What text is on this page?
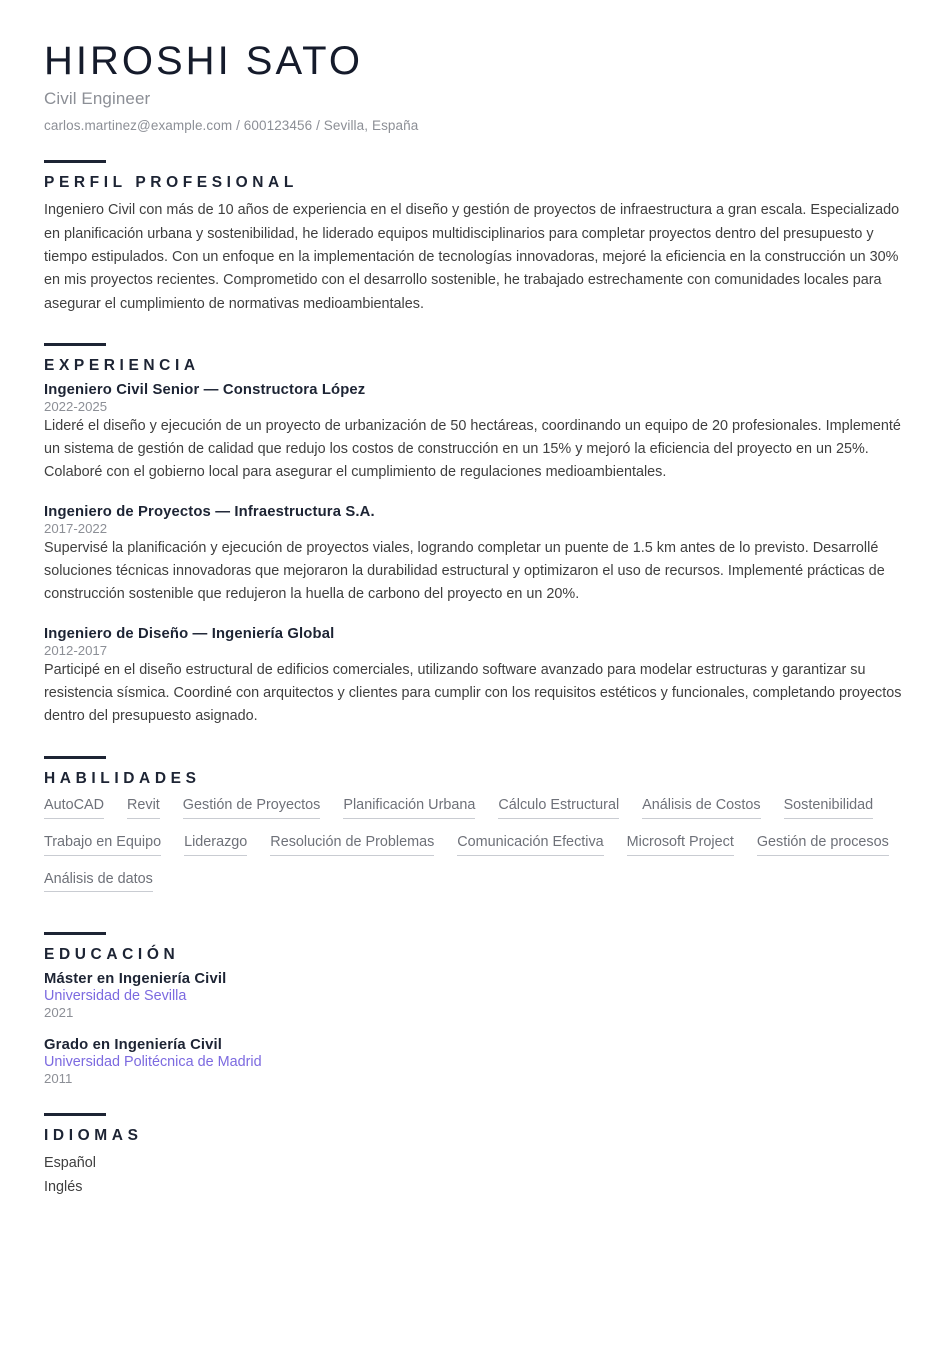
HIROSHI SATO
Civil Engineer
carlos.martinez@example.com / 600123456 / Sevilla, España
PERFIL PROFESIONAL

Ingeniero Civil con más de 10 años de experiencia en el diseño y gestión de proyectos de infraestructura a gran escala. Especializado en planificación urbana y sostenibilidad, he liderado equipos multidisciplinarios para completar proyectos dentro del presupuesto y tiempo estipulados. Con un enfoque en la implementación de tecnologías innovadoras, mejoré la eficiencia en la construcción un 30% en mis proyectos recientes. Comprometido con el desarrollo sostenible, he trabajado estrechamente con comunidades locales para asegurar el cumplimiento de normativas medioambientales.

EXPERIENCIA
Ingeniero Civil Senior — Constructora López
2022-2025

Lideré el diseño y ejecución de un proyecto de urbanización de 50 hectáreas, coordinando un equipo de 20 profesionales. Implementé un sistema de gestión de calidad que redujo los costos de construcción en un 15% y mejoró la eficiencia del proyecto en un 25%. Colaboré con el gobierno local para asegurar el cumplimiento de regulaciones medioambientales.

Ingeniero de Proyectos — Infraestructura S.A.
2017-2022

Supervisé la planificación y ejecución de proyectos viales, logrando completar un puente de 1.5 km antes de lo previsto. Desarrollé soluciones técnicas innovadoras que mejoraron la durabilidad estructural y optimizaron el uso de recursos. Implementé prácticas de construcción sostenible que redujeron la huella de carbono del proyecto en un 20%.

Ingeniero de Diseño — Ingeniería Global
2012-2017

Participé en el diseño estructural de edificios comerciales, utilizando software avanzado para modelar estructuras y garantizar su resistencia sísmica. Coordiné con arquitectos y clientes para cumplir con los requisitos estéticos y funcionales, completando proyectos dentro del presupuesto asignado.

HABILIDADES
AutoCAD Revit Gestión de Proyectos Planificación Urbana Cálculo Estructural Análisis de Costos Sostenibilidad
Trabajo en Equipo Liderazgo Resolución de Problemas Comunicación Efectiva Microsoft Project Gestión de procesos
Análisis de datos
EDUCACIÓN
Máster en Ingeniería Civil
Universidad de Sevilla
2021
Grado en Ingeniería Civil
Universidad Politécnica de Madrid
2011
IDIOMAS
Español
Inglés
